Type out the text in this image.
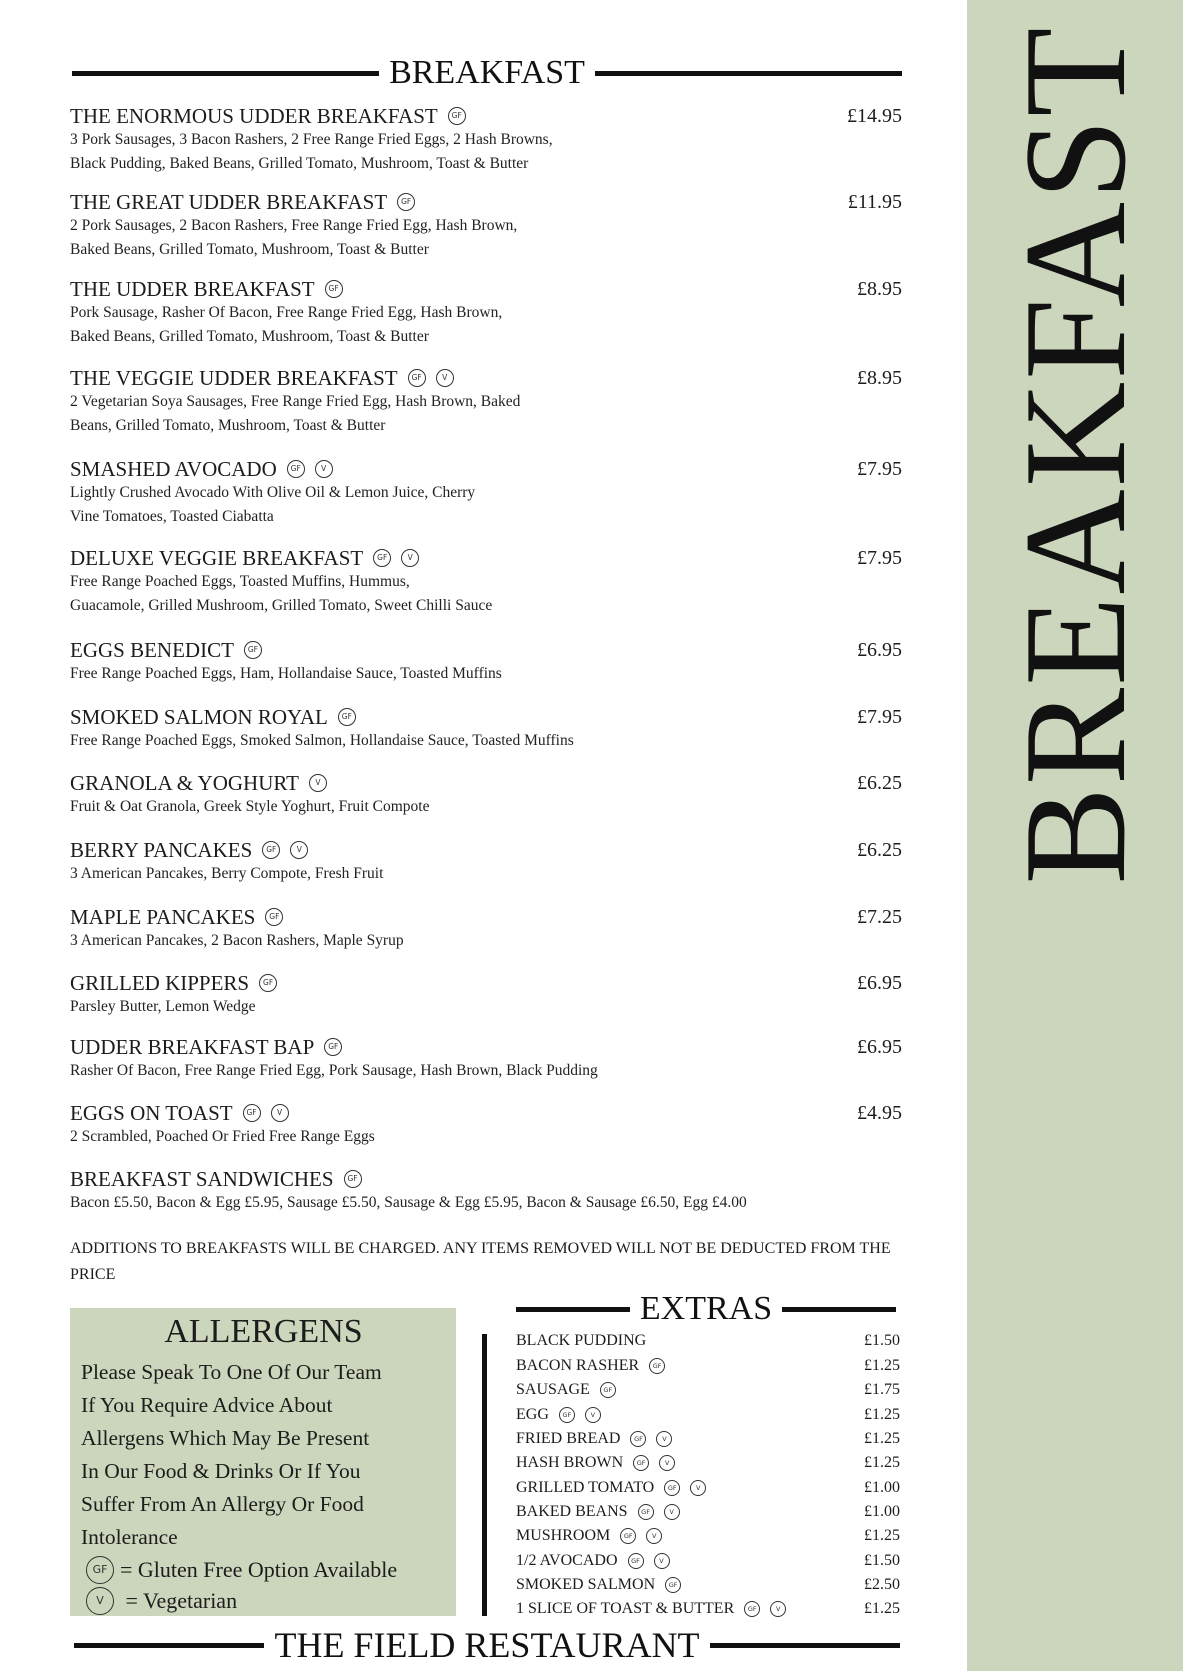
BREAKFAST
BREAKFAST
THE ENORMOUS UDDER BREAKFAST	GF	£14.95
3 Pork Sausages, 3 Bacon Rashers, 2 Free Range Fried Eggs, 2 Hash Browns,
Black Pudding, Baked Beans, Grilled Tomato, Mushroom, Toast & Butter
THE GREAT UDDER BREAKFAST	GF	£11.95
2 Pork Sausages, 2 Bacon Rashers, Free Range Fried Egg, Hash Brown,
Baked Beans, Grilled Tomato, Mushroom, Toast & Butter
THE UDDER BREAKFAST	GF	£8.95
Pork Sausage, Rasher Of Bacon, Free Range Fried Egg, Hash Brown,
Baked Beans, Grilled Tomato, Mushroom, Toast & Butter
THE VEGGIE UDDER BREAKFAST	GF	V	£8.95
2 Vegetarian Soya Sausages, Free Range Fried Egg, Hash Brown, Baked
Beans, Grilled Tomato, Mushroom, Toast & Butter
SMASHED AVOCADO	GF	V	£7.95
Lightly Crushed Avocado With Olive Oil & Lemon Juice, Cherry
Vine Tomatoes, Toasted Ciabatta
DELUXE VEGGIE BREAKFAST	GF	V	£7.95
Free Range Poached Eggs, Toasted Muffins, Hummus,
Guacamole, Grilled Mushroom, Grilled Tomato, Sweet Chilli Sauce
EGGS BENEDICT	GF	£6.95
Free Range Poached Eggs, Ham, Hollandaise Sauce, Toasted Muffins
SMOKED SALMON ROYAL	GF	£7.95
Free Range Poached Eggs, Smoked Salmon, Hollandaise Sauce, Toasted Muffins
GRANOLA & YOGHURT	V	£6.25
Fruit & Oat Granola, Greek Style Yoghurt, Fruit Compote
BERRY PANCAKES	GF	V	£6.25
3 American Pancakes, Berry Compote, Fresh Fruit
MAPLE PANCAKES	GF	£7.25
3 American Pancakes, 2 Bacon Rashers, Maple Syrup
GRILLED KIPPERS	GF	£6.95
Parsley Butter, Lemon Wedge
UDDER BREAKFAST BAP	GF	£6.95
Rasher Of Bacon, Free Range Fried Egg, Pork Sausage, Hash Brown, Black Pudding
EGGS ON TOAST	GF	V	£4.95
2 Scrambled, Poached Or Fried Free Range Eggs
BREAKFAST SANDWICHES	GF
Bacon £5.50, Bacon & Egg £5.95, Sausage £5.50, Sausage & Egg £5.95, Bacon & Sausage £6.50, Egg £4.00
ADDITIONS TO BREAKFASTS WILL BE CHARGED. ANY ITEMS REMOVED WILL NOT BE DEDUCTED FROM THE PRICE
ALLERGENS
Please Speak To One Of Our Team
If You Require Advice About
Allergens Which May Be Present
In Our Food & Drinks Or If You
Suffer From An Allergy Or Food
Intolerance
GF = Gluten Free Option Available
V = Vegetarian
EXTRAS
BLACK PUDDING	£1.50
BACON RASHER	GF	£1.25
SAUSAGE	GF	£1.75
EGG	GF	V	£1.25
FRIED BREAD	GF	V	£1.25
HASH BROWN	GF	V	£1.25
GRILLED TOMATO	GF	V	£1.00
BAKED BEANS	GF	V	£1.00
MUSHROOM	GF	V	£1.25
1/2 AVOCADO	GF	V	£1.50
SMOKED SALMON	GF	£2.50
1 SLICE OF TOAST & BUTTER	GF	V	£1.25
THE FIELD RESTAURANT
